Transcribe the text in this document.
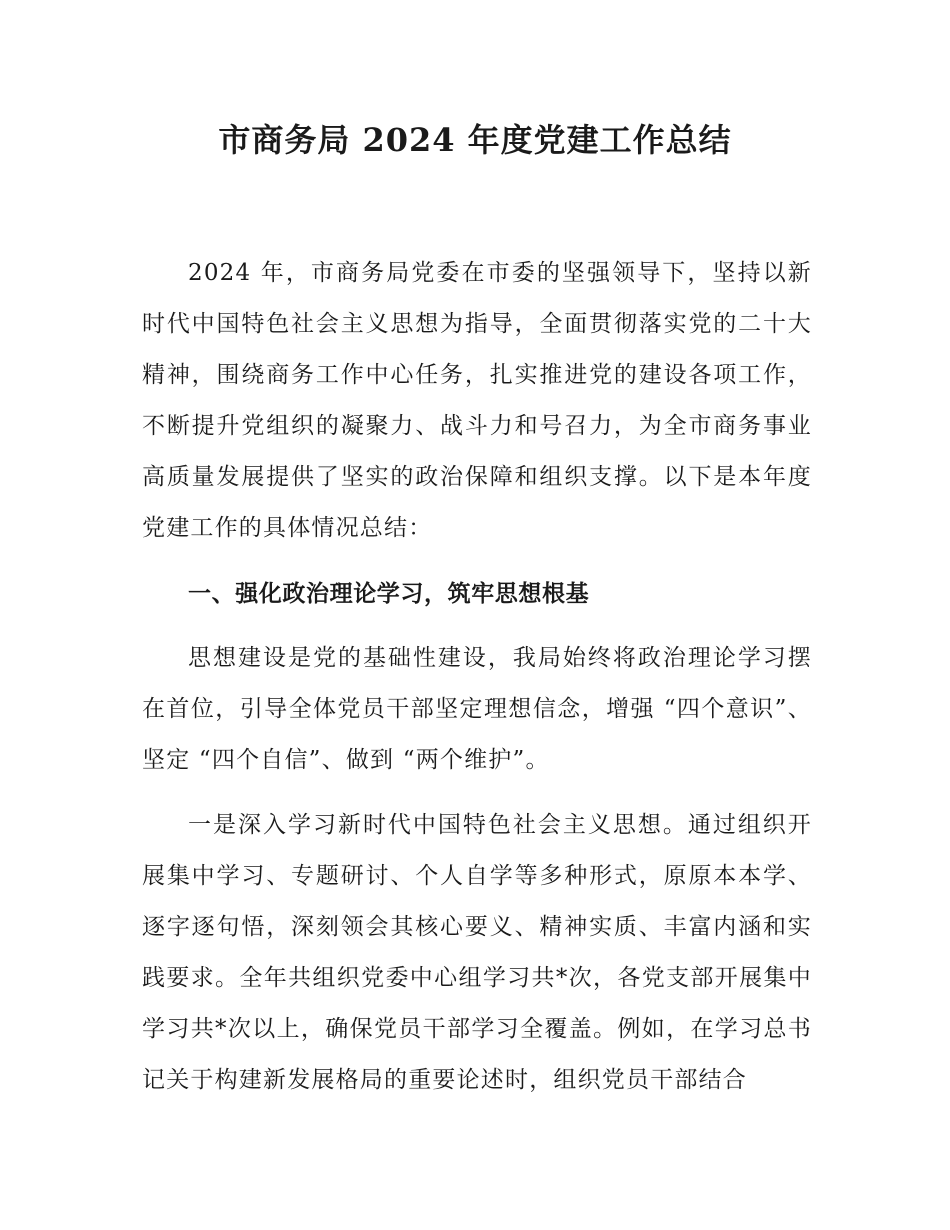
市商务局 2024 年度党建工作总结

2024 年，市商务局党委在市委的坚强领导下，坚持以新时代中国特色社会主义思想为指导，全面贯彻落实党的二十大精神，围绕商务工作中心任务，扎实推进党的建设各项工作，不断提升党组织的凝聚力、战斗力和号召力，为全市商务事业高质量发展提供了坚实的政治保障和组织支撑。以下是本年度党建工作的具体情况总结：

一、强化政治理论学习，筑牢思想根基

思想建设是党的基础性建设，我局始终将政治理论学习摆在首位，引导全体党员干部坚定理想信念，增强 “四个意识”、坚定 “四个自信”、做到 “两个维护”。

一是深入学习新时代中国特色社会主义思想。通过组织开展集中学习、专题研讨、个人自学等多种形式，原原本本学、逐字逐句悟，深刻领会其核心要义、精神实质、丰富内涵和实践要求。全年共组织党委中心组学习共*次，各党支部开展集中学习共*次以上，确保党员干部学习全覆盖。例如，在学习总书记关于构建新发展格局的重要论述时，组织党员干部结合
